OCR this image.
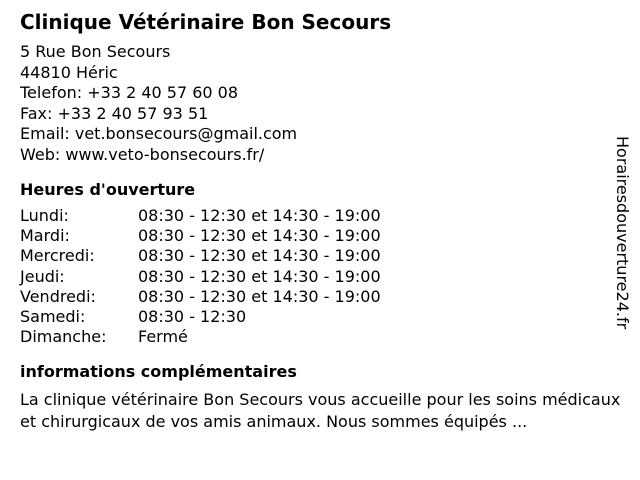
Clinique Vétérinaire Bon Secours
5 Rue Bon Secours
44810 Héric
Telefon: +33 2 40 57 60 08
Fax: +33 2 40 57 93 51
Email: vet.bonsecours@gmail.com
Web: www.veto-bonsecours.fr/
Heures d'ouverture
Lundi:	08:30 - 12:30 et 14:30 - 19:00
Mardi:	08:30 - 12:30 et 14:30 - 19:00
Mercredi:	08:30 - 12:30 et 14:30 - 19:00
Jeudi:	08:30 - 12:30 et 14:30 - 19:00
Vendredi:	08:30 - 12:30 et 14:30 - 19:00
Samedi:	08:30 - 12:30
Dimanche: Fermé
informations complémentaires
La clinique vétérinaire Bon Secours vous accueille pour les soins médicaux et chirurgicaux de vos amis animaux. Nous sommes équipés ...
Horairesdouverture24.fr
